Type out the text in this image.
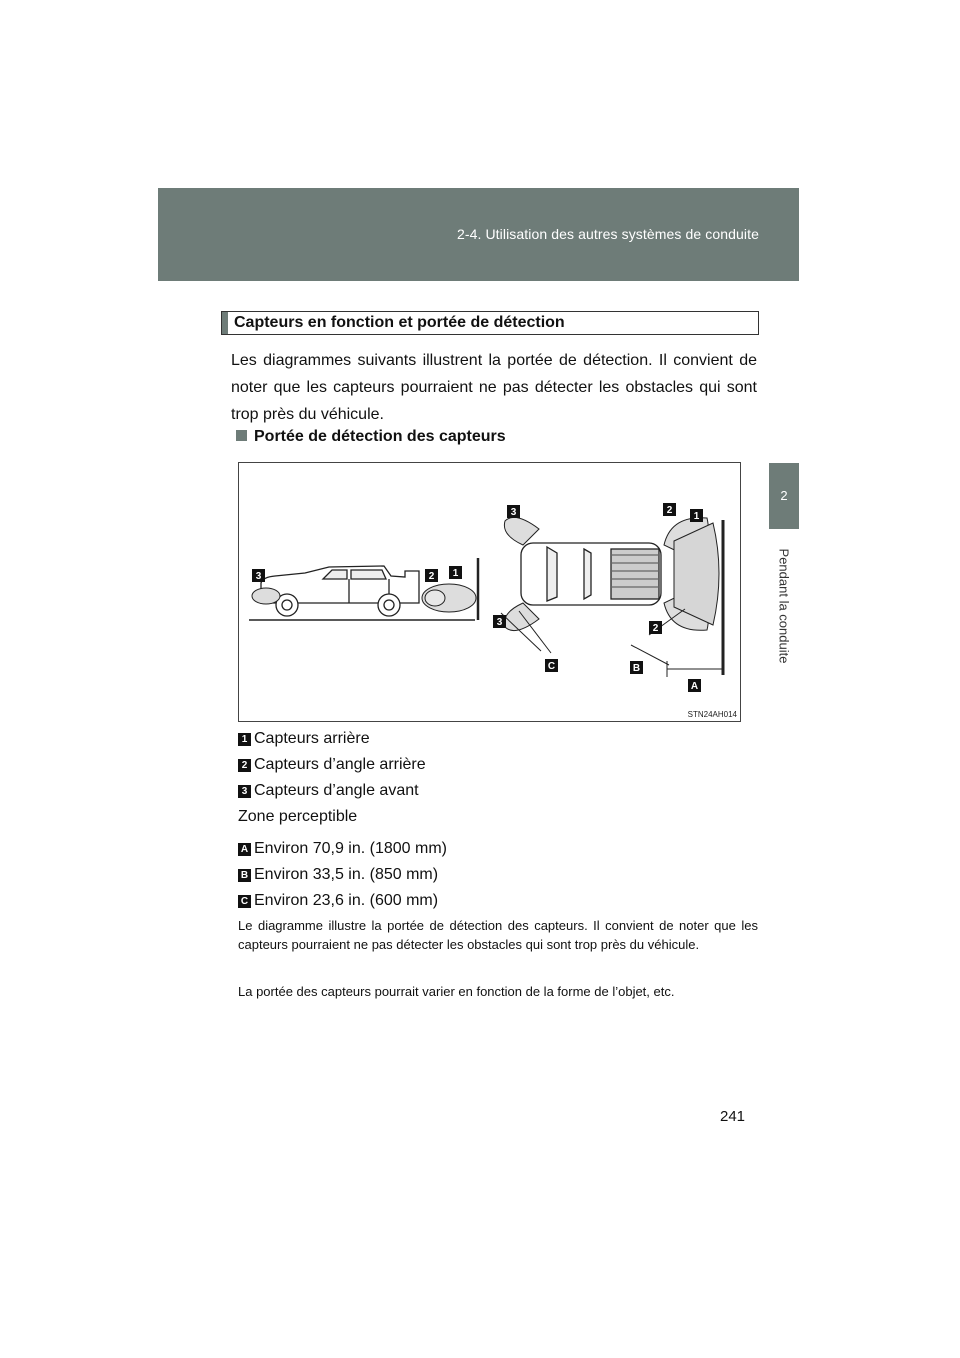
2-4. Utilisation des autres systèmes de conduite
2
Pendant la conduite
Capteurs en fonction et portée de détection
Les diagrammes suivants illustrent la portée de détection. Il convient de noter que les capteurs pourraient ne pas détecter les obstacles qui sont trop près du véhicule.
Portée de détection des capteurs
3	2 1
3	2
1
3
2
A
B
C
STN24AH014
1 Capteurs arrière
2 Capteurs d’angle arrière
3 Capteurs d’angle avant
Zone perceptible
A Environ 70,9 in. (1800 mm)
B Environ 33,5 in. (850 mm)
C Environ 23,6 in. (600 mm)
Le diagramme illustre la portée de détection des capteurs. Il convient de noter que les capteurs pourraient ne pas détecter les obstacles qui sont trop près du véhicule.
La portée des capteurs pourrait varier en fonction de la forme de l’objet, etc.
241
